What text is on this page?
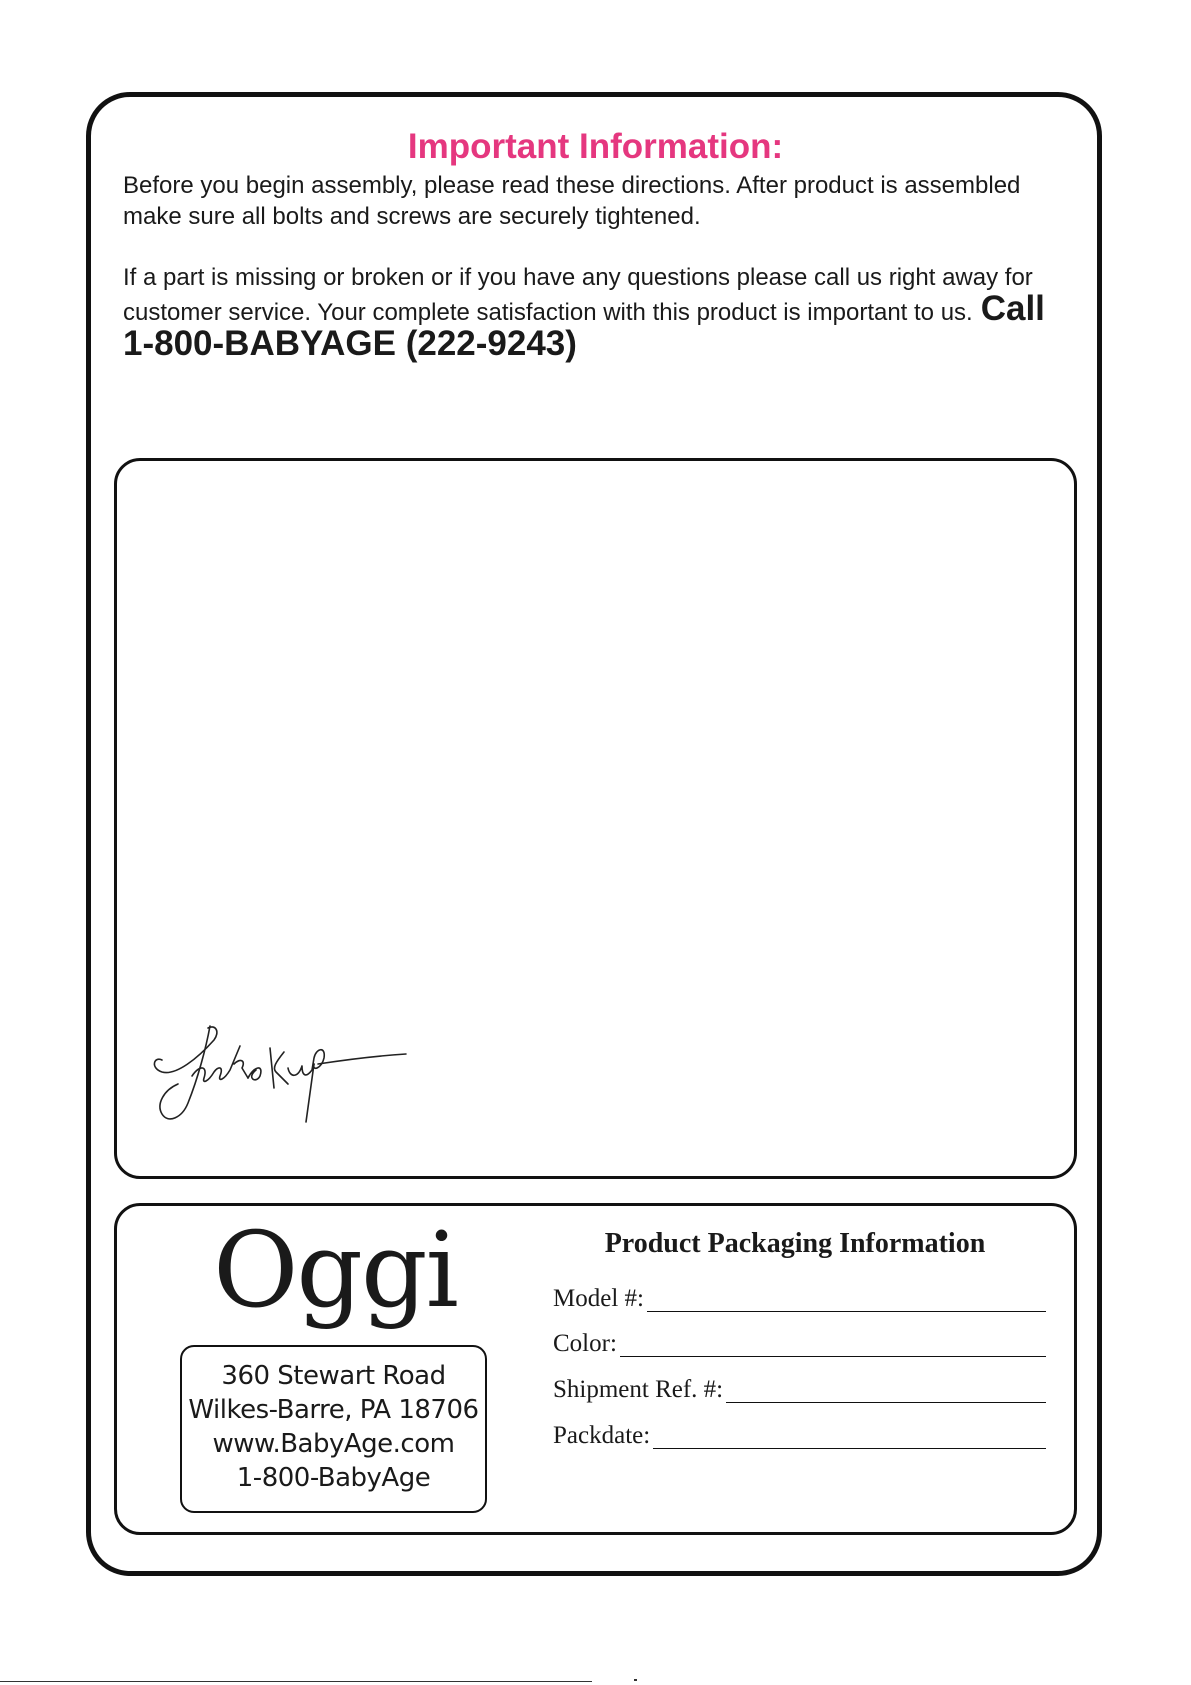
Important Information:

Before you begin assembly, please read these directions. After product is assembled make sure all bolts and screws are securely tightened.

If a part is missing or broken or if you have any questions please call us right away for customer service. Your complete satisfaction with this product is important to us. Call 1-800-BABYAGE (222-9243)

Oggi
360 Stewart Road
Wilkes-Barre, PA 18706
www.BabyAge.com
1-800-BabyAge
Product Packaging Information
Model #:
Color:
Shipment Ref. #:
Packdate:
